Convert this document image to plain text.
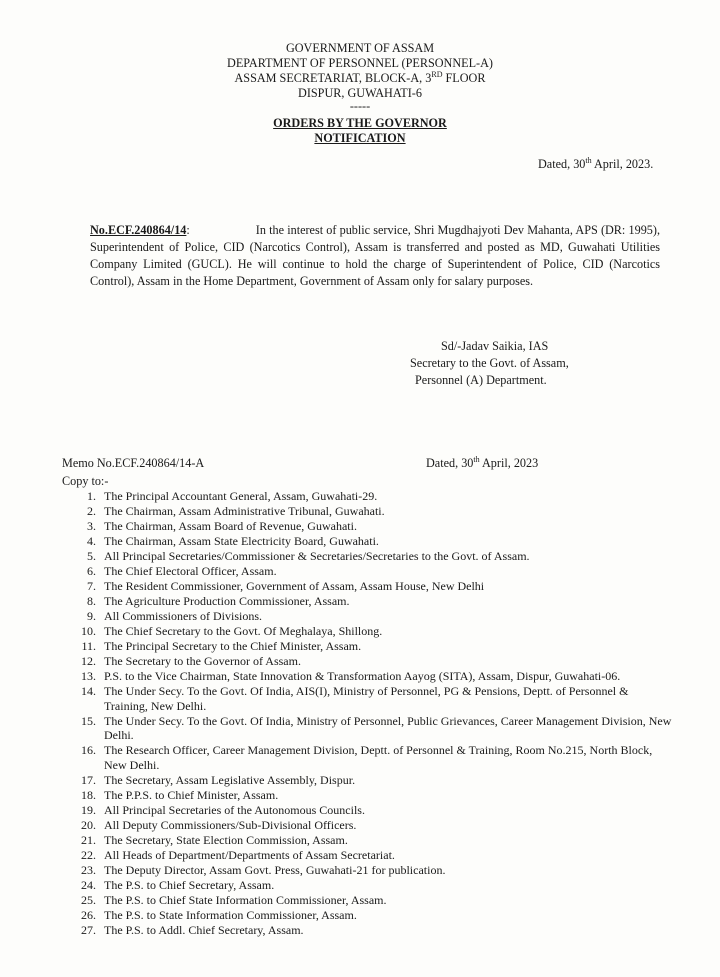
GOVERNMENT OF ASSAM
DEPARTMENT OF PERSONNEL (PERSONNEL-A)
ASSAM SECRETARIAT, BLOCK-A, 3RD FLOOR
DISPUR, GUWAHATI-6
-----
ORDERS BY THE GOVERNOR
NOTIFICATION
Dated, 30th April, 2023.
No.ECF.240864/14:	In the interest of public service, Shri Mugdhajyoti Dev Mahanta, APS (DR: 1995), Superintendent of Police, CID (Narcotics Control), Assam is transferred and posted as MD, Guwahati Utilities Company Limited (GUCL). He will continue to hold the charge of Superintendent of Police, CID (Narcotics Control), Assam in the Home Department, Government of Assam only for salary purposes.
Sd/-Jadav Saikia, IAS
Secretary to the Govt. of Assam,
Personnel (A) Department.
Memo No.ECF.240864/14-A	Dated, 30th April, 2023
Copy to:-
1. The Principal Accountant General, Assam, Guwahati-29.
2. The Chairman, Assam Administrative Tribunal, Guwahati.
3. The Chairman, Assam Board of Revenue, Guwahati.
4. The Chairman, Assam State Electricity Board, Guwahati.
5. All Principal Secretaries/Commissioner & Secretaries/Secretaries to the Govt. of Assam.
6. The Chief Electoral Officer, Assam.
7. The Resident Commissioner, Government of Assam, Assam House, New Delhi
8. The Agriculture Production Commissioner, Assam.
9. All Commissioners of Divisions.
10. The Chief Secretary to the Govt. Of Meghalaya, Shillong.
11. The Principal Secretary to the Chief Minister, Assam.
12. The Secretary to the Governor of Assam.
13. P.S. to the Vice Chairman, State Innovation & Transformation Aayog (SITA), Assam, Dispur, Guwahati-06.
14. The Under Secy. To the Govt. Of India, AIS(I), Ministry of Personnel, PG & Pensions, Deptt. of Personnel & Training, New Delhi.
15. The Under Secy. To the Govt. Of India, Ministry of Personnel, Public Grievances, Career Management Division, New Delhi.
16. The Research Officer, Career Management Division, Deptt. of Personnel & Training, Room No.215, North Block, New Delhi.
17. The Secretary, Assam Legislative Assembly, Dispur.
18. The P.P.S. to Chief Minister, Assam.
19. All Principal Secretaries of the Autonomous Councils.
20. All Deputy Commissioners/Sub-Divisional Officers.
21. The Secretary, State Election Commission, Assam.
22. All Heads of Department/Departments of Assam Secretariat.
23. The Deputy Director, Assam Govt. Press, Guwahati-21 for publication.
24. The P.S. to Chief Secretary, Assam.
25. The P.S. to Chief State Information Commissioner, Assam.
26. The P.S. to State Information Commissioner, Assam.
27. The P.S. to Addl. Chief Secretary, Assam.
